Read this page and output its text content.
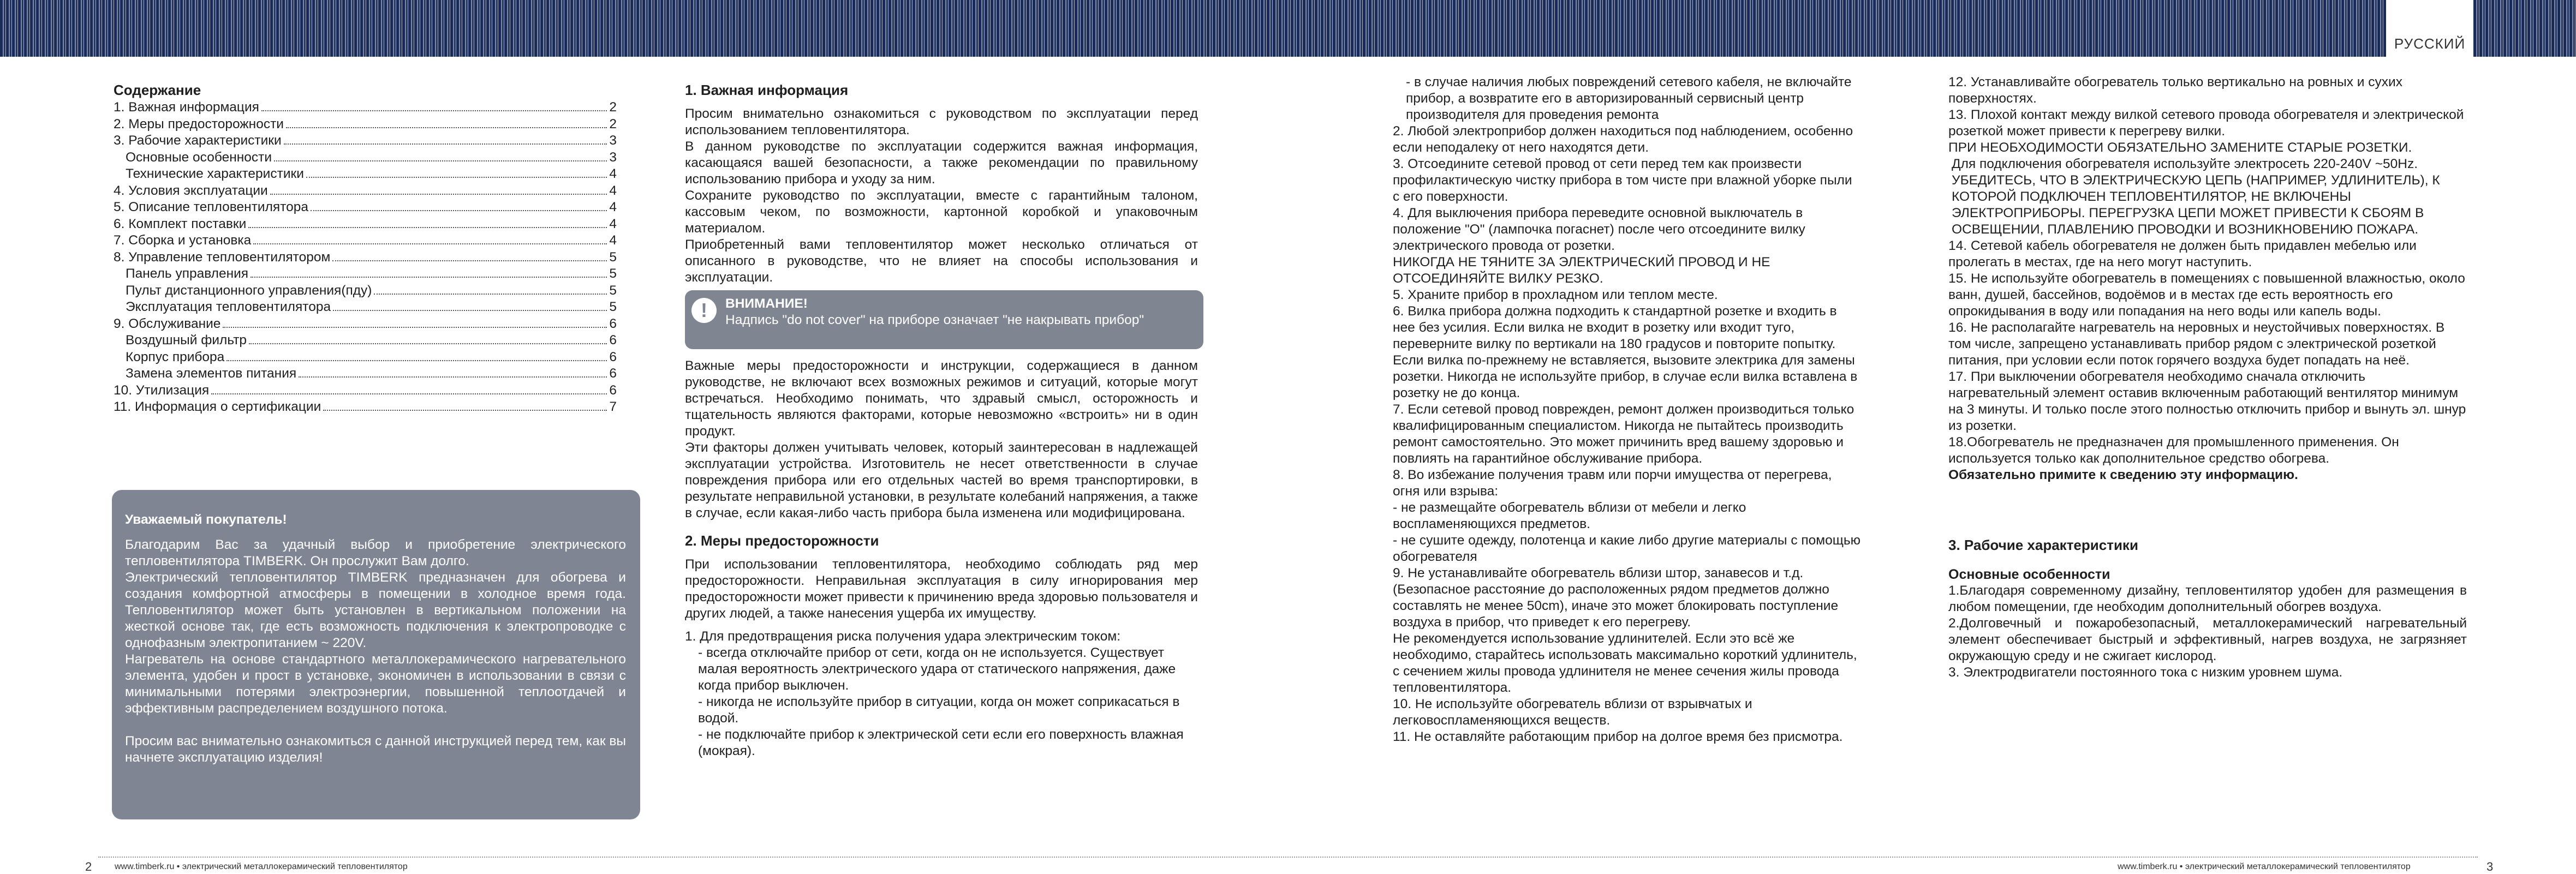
РУССКИЙ
Содержание
1. Важная информация	2
2. Меры предосторожности	2
3. Рабочие характеристики	3
Основные особенности	3
Технические характеристики	4
4. Условия эксплуатации	4
5. Описание тепловентилятора	4
6. Комплект поставки	4
7. Сборка и установка	4
8. Управление тепловентилятором	5
Панель управления	5
Пульт дистанционного управления(пду)	5
Эксплуатация тепловентилятора	5
9. Обслуживание	6
Воздушный фильтр	6
Корпус прибора	6
Замена элементов питания	6
10. Утилизация	6
11. Информация о сертификации	7
Уважаемый покупатель!

Благодарим Вас за удачный выбор и приобретение электрического тепловентилятора TIMBERK. Он прослужит Вам долго.

Электрический тепловентилятор TIMBERK предназначен для обогрева и создания комфортной атмосферы в помещении в холодное время года. Тепловентилятор может быть установлен в вертикальном положении на жесткой основе так, где есть возможность подключения к электропроводке с однофазным электропитанием ~ 220V.

Нагреватель на основе стандартного металлокерамического нагревательного элемента, удобен и прост в установке, экономичен в использовании в связи с минимальными потерями электроэнергии, повышенной теплоотдачей и эффективным распределением воздушного потока.

Просим вас внимательно ознакомиться с данной инструкцией перед тем, как вы начнете эксплуатацию изделия!

1. Важная информация

Просим внимательно ознакомиться с руководством по эксплуатации перед использованием тепловентилятора.

В данном руководстве по эксплуатации содержится важная информация, касающаяся вашей безопасности, а также рекомендации по правильному использованию прибора и уходу за ним.

Сохраните руководство по эксплуатации, вместе с гарантийным талоном, кассовым чеком, по возможности, картонной коробкой и упаковочным материалом.

Приобретенный вами тепловентилятор может несколько отличаться от описанного в руководстве, что не влияет на способы использования и эксплуатации.

!	ВНИМАНИЕ!
Надпись "do not cover" на приборе означает "не накрывать прибор"

Важные меры предосторожности и инструкции, содержащиеся в данном руководстве, не включают всех возможных режимов и ситуаций, которые могут встречаться. Необходимо понимать, что здравый смысл, осторожность и тщательность являются факторами, которые невозможно «встроить» ни в один продукт.

Эти факторы должен учитывать человек, который заинтересован в надлежащей эксплуатации устройства. Изготовитель не несет ответственности в случае повреждения прибора или его отдельных частей во время транспортировки, в результате неправильной установки, в результате колебаний напряжения, а также в случае, если какая-либо часть прибора была изменена или модифицирована.

2. Меры предосторожности

При использовании тепловентилятора, необходимо соблюдать ряд мер предосторожности. Неправильная эксплуатация в силу игнорирования мер предосторожности может привести к причинению вреда здоровью пользователя и других людей, а также нанесения ущерба их имуществу.

1. Для предотвращения риска получения удара электрическим током:

- всегда отключайте прибор от сети, когда он не используется. Существует малая вероятность электрического удара от статического напряжения, даже когда прибор выключен.

- никогда не используйте прибор в ситуации, когда он может соприкасаться в водой.

- не подключайте прибор к электрической сети если его поверхность влажная (мокрая).

- в случае наличия любых повреждений сетевого кабеля, не включайте прибор, а возвратите его в авторизированный сервисный центр производителя для проведения ремонта

2. Любой электроприбор должен находиться под наблюдением, особенно если неподалеку от него находятся дети.

3. Отсоедините сетевой провод от сети перед тем как произвести профилактическую чистку прибора в том чисте при влажной уборке пыли с его поверхности.

4. Для выключения прибора переведите основной выключатель в положение "O" (лампочка погаснет) после чего отсоедините вилку электрического провода от розетки.

НИКОГДА НЕ ТЯНИТЕ ЗА ЭЛЕКТРИЧЕСКИЙ ПРОВОД И НЕ ОТСОЕДИНЯЙТЕ ВИЛКУ РЕЗКО.

5. Храните прибор в прохладном или теплом месте.

6. Вилка прибора должна подходить к стандартной розетке и входить в нее без усилия. Если вилка не входит в розетку или входит туго, переверните вилку по вертикали на 180 градусов и повторите попытку. Если вилка по-прежнему не вставляется, вызовите электрика для замены розетки. Никогда не используйте прибор, в случае если вилка вставлена в розетку не до конца.

7. Если сетевой провод поврежден, ремонт должен производиться только квалифицированным специалистом. Никогда не пытайтесь производить ремонт самостоятельно. Это может причинить вред вашему здоровью и повлиять на гарантийное обслуживание прибора.

8. Во избежание получения травм или порчи имущества от перегрева, огня или взрыва:

- не размещайте обогреватель вблизи от мебели и легко воспламеняющихся предметов.

- не сушите одежду, полотенца и какие либо другие материалы с помощью обогревателя

9. Не устанавливайте обогреватель вблизи штор, занавесов и т.д. (Безопасное расстояние до расположенных рядом предметов должно составлять не менее 50cm), иначе это может блокировать поступление воздуха в прибор, что приведет к его перегреву.

Не рекомендуется использование удлинителей. Если это всё же необходимо, старайтесь использовать максимально короткий удлинитель, с сечением жилы провода удлинителя не менее сечения жилы провода тепловентилятора.

10. Не используйте обогреватель вблизи от взрывчатых и легковоспламеняющихся веществ.

11. Не оставляйте работающим прибор на долгое время без присмотра.

12. Устанавливайте обогреватель только вертикально на ровных и сухих поверхностях.

13. Плохой контакт между вилкой сетевого провода обогревателя и электрической розеткой может привести к перегреву вилки.

ПРИ НЕОБХОДИМОСТИ ОБЯЗАТЕЛЬНО ЗАМЕНИТЕ СТАРЫЕ РОЗЕТКИ.

Для подключения обогревателя используйте электросеть 220-240V ~50Hz.

УБЕДИТЕСЬ, ЧТО В ЭЛЕКТРИЧЕСКУЮ ЦЕПЬ (НАПРИМЕР, УДЛИНИТЕЛЬ), К КОТОРОЙ ПОДКЛЮЧЕН ТЕПЛОВЕНТИЛЯТОР, НЕ ВКЛЮЧЕНЫ ЭЛЕКТРОПРИБОРЫ. ПЕРЕГРУЗКА ЦЕПИ МОЖЕТ ПРИВЕСТИ К СБОЯМ В ОСВЕЩЕНИИ, ПЛАВЛЕНИЮ ПРОВОДКИ И ВОЗНИКНОВЕНИЮ ПОЖАРА.

14. Сетевой кабель обогревателя не должен быть придавлен мебелью или пролегать в местах, где на него могут наступить.

15. Не используйте обогреватель в помещениях с повышенной влажностью, около ванн, душей, бассейнов, водоёмов и в местах где есть вероятность его опрокидывания в воду или попадания на него воды или капель воды.

16. Не располагайте нагреватель на неровных и неустойчивых поверхностях. В том числе, запрещено устанавливать прибор рядом с электрической розеткой питания, при условии если поток горячего воздуха будет попадать на неё.

17. При выключении обогревателя необходимо сначала отключить нагревательный элемент оставив включенным работающий вентилятор минимум на 3 минуты. И только после этого полностью отключить прибор и вынуть эл. шнур из розетки.

18.Обогреватель не предназначен для промышленного применения. Он используется только как дополнительное средство обогрева.

Обязательно примите к сведению эту информацию.

3. Рабочие характеристики
Основные особенности

1.Благодаря современному дизайну, тепловентилятор удобен для размещения в любом помещении, где необходим дополнительный обогрев воздуха.

2.Долговечный и пожаробезопасный, металлокерамический нагревательный элемент обеспечивает быстрый и эффективный, нагрев воздуха, не загрязняет окружающую среду и не сжигает кислород.

3. Электродвигатели постоянного тока с низким уровнем шума.

2	www.timberk.ru • электрический металлокерамический тепловентилятор	www.timberk.ru • электрический металлокерамический тепловентилятор	3
